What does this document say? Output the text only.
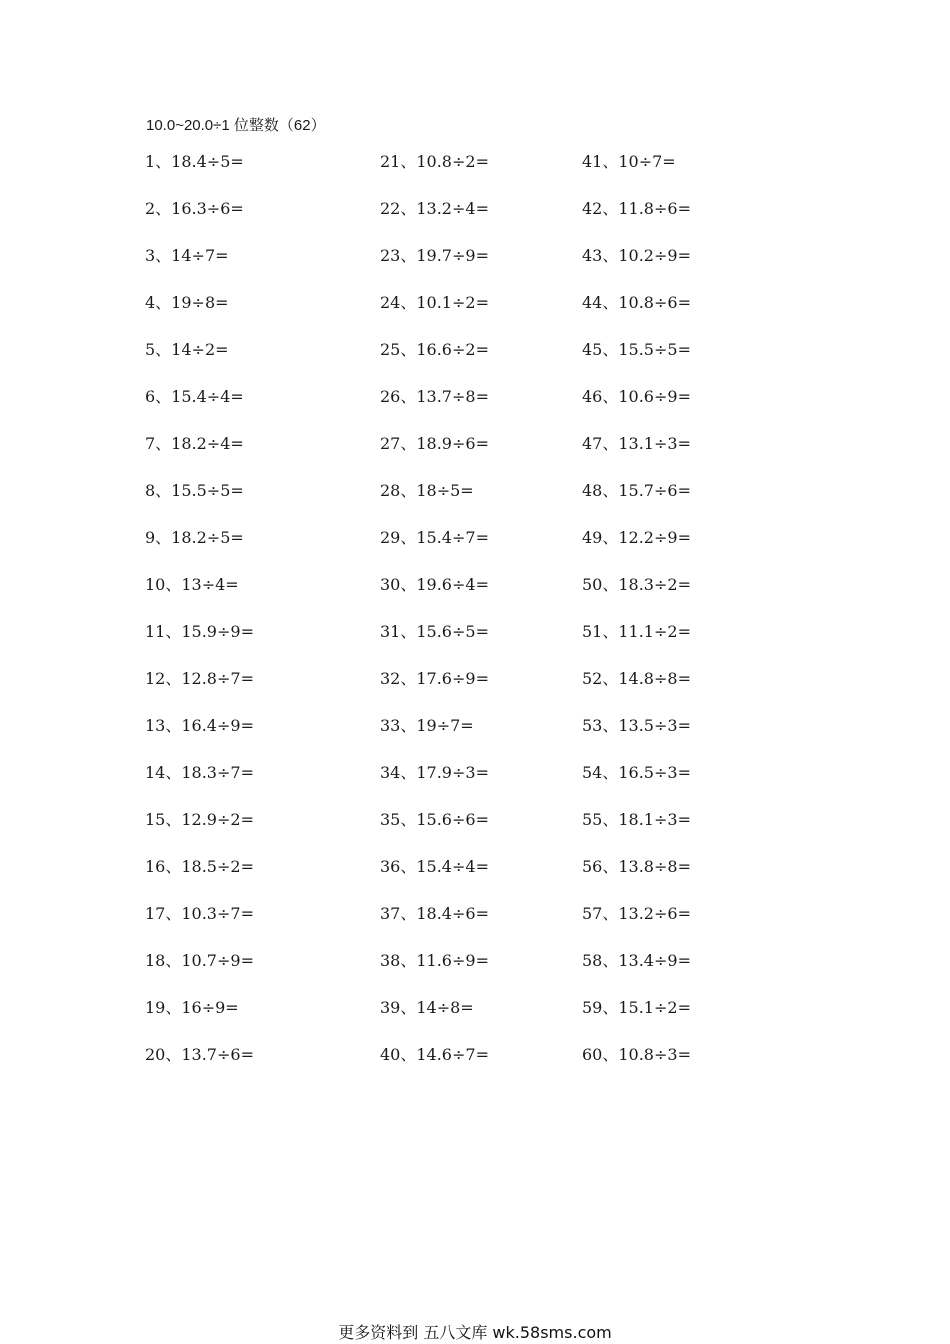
10.0~20.0÷1 位整数（62）
1、18.4÷5=
2、16.3÷6=
3、14÷7=
4、19÷8=
5、14÷2=
6、15.4÷4=
7、18.2÷4=
8、15.5÷5=
9、18.2÷5=
10、13÷4=
11、15.9÷9=
12、12.8÷7=
13、16.4÷9=
14、18.3÷7=
15、12.9÷2=
16、18.5÷2=
17、10.3÷7=
18、10.7÷9=
19、16÷9=
20、13.7÷6=
21、10.8÷2=
22、13.2÷4=
23、19.7÷9=
24、10.1÷2=
25、16.6÷2=
26、13.7÷8=
27、18.9÷6=
28、18÷5=
29、15.4÷7=
30、19.6÷4=
31、15.6÷5=
32、17.6÷9=
33、19÷7=
34、17.9÷3=
35、15.6÷6=
36、15.4÷4=
37、18.4÷6=
38、11.6÷9=
39、14÷8=
40、14.6÷7=
41、10÷7=
42、11.8÷6=
43、10.2÷9=
44、10.8÷6=
45、15.5÷5=
46、10.6÷9=
47、13.1÷3=
48、15.7÷6=
49、12.2÷9=
50、18.3÷2=
51、11.1÷2=
52、14.8÷8=
53、13.5÷3=
54、16.5÷3=
55、18.1÷3=
56、13.8÷8=
57、13.2÷6=
58、13.4÷9=
59、15.1÷2=
60、10.8÷3=
更多资料到 五八文库 wk.58sms.com
